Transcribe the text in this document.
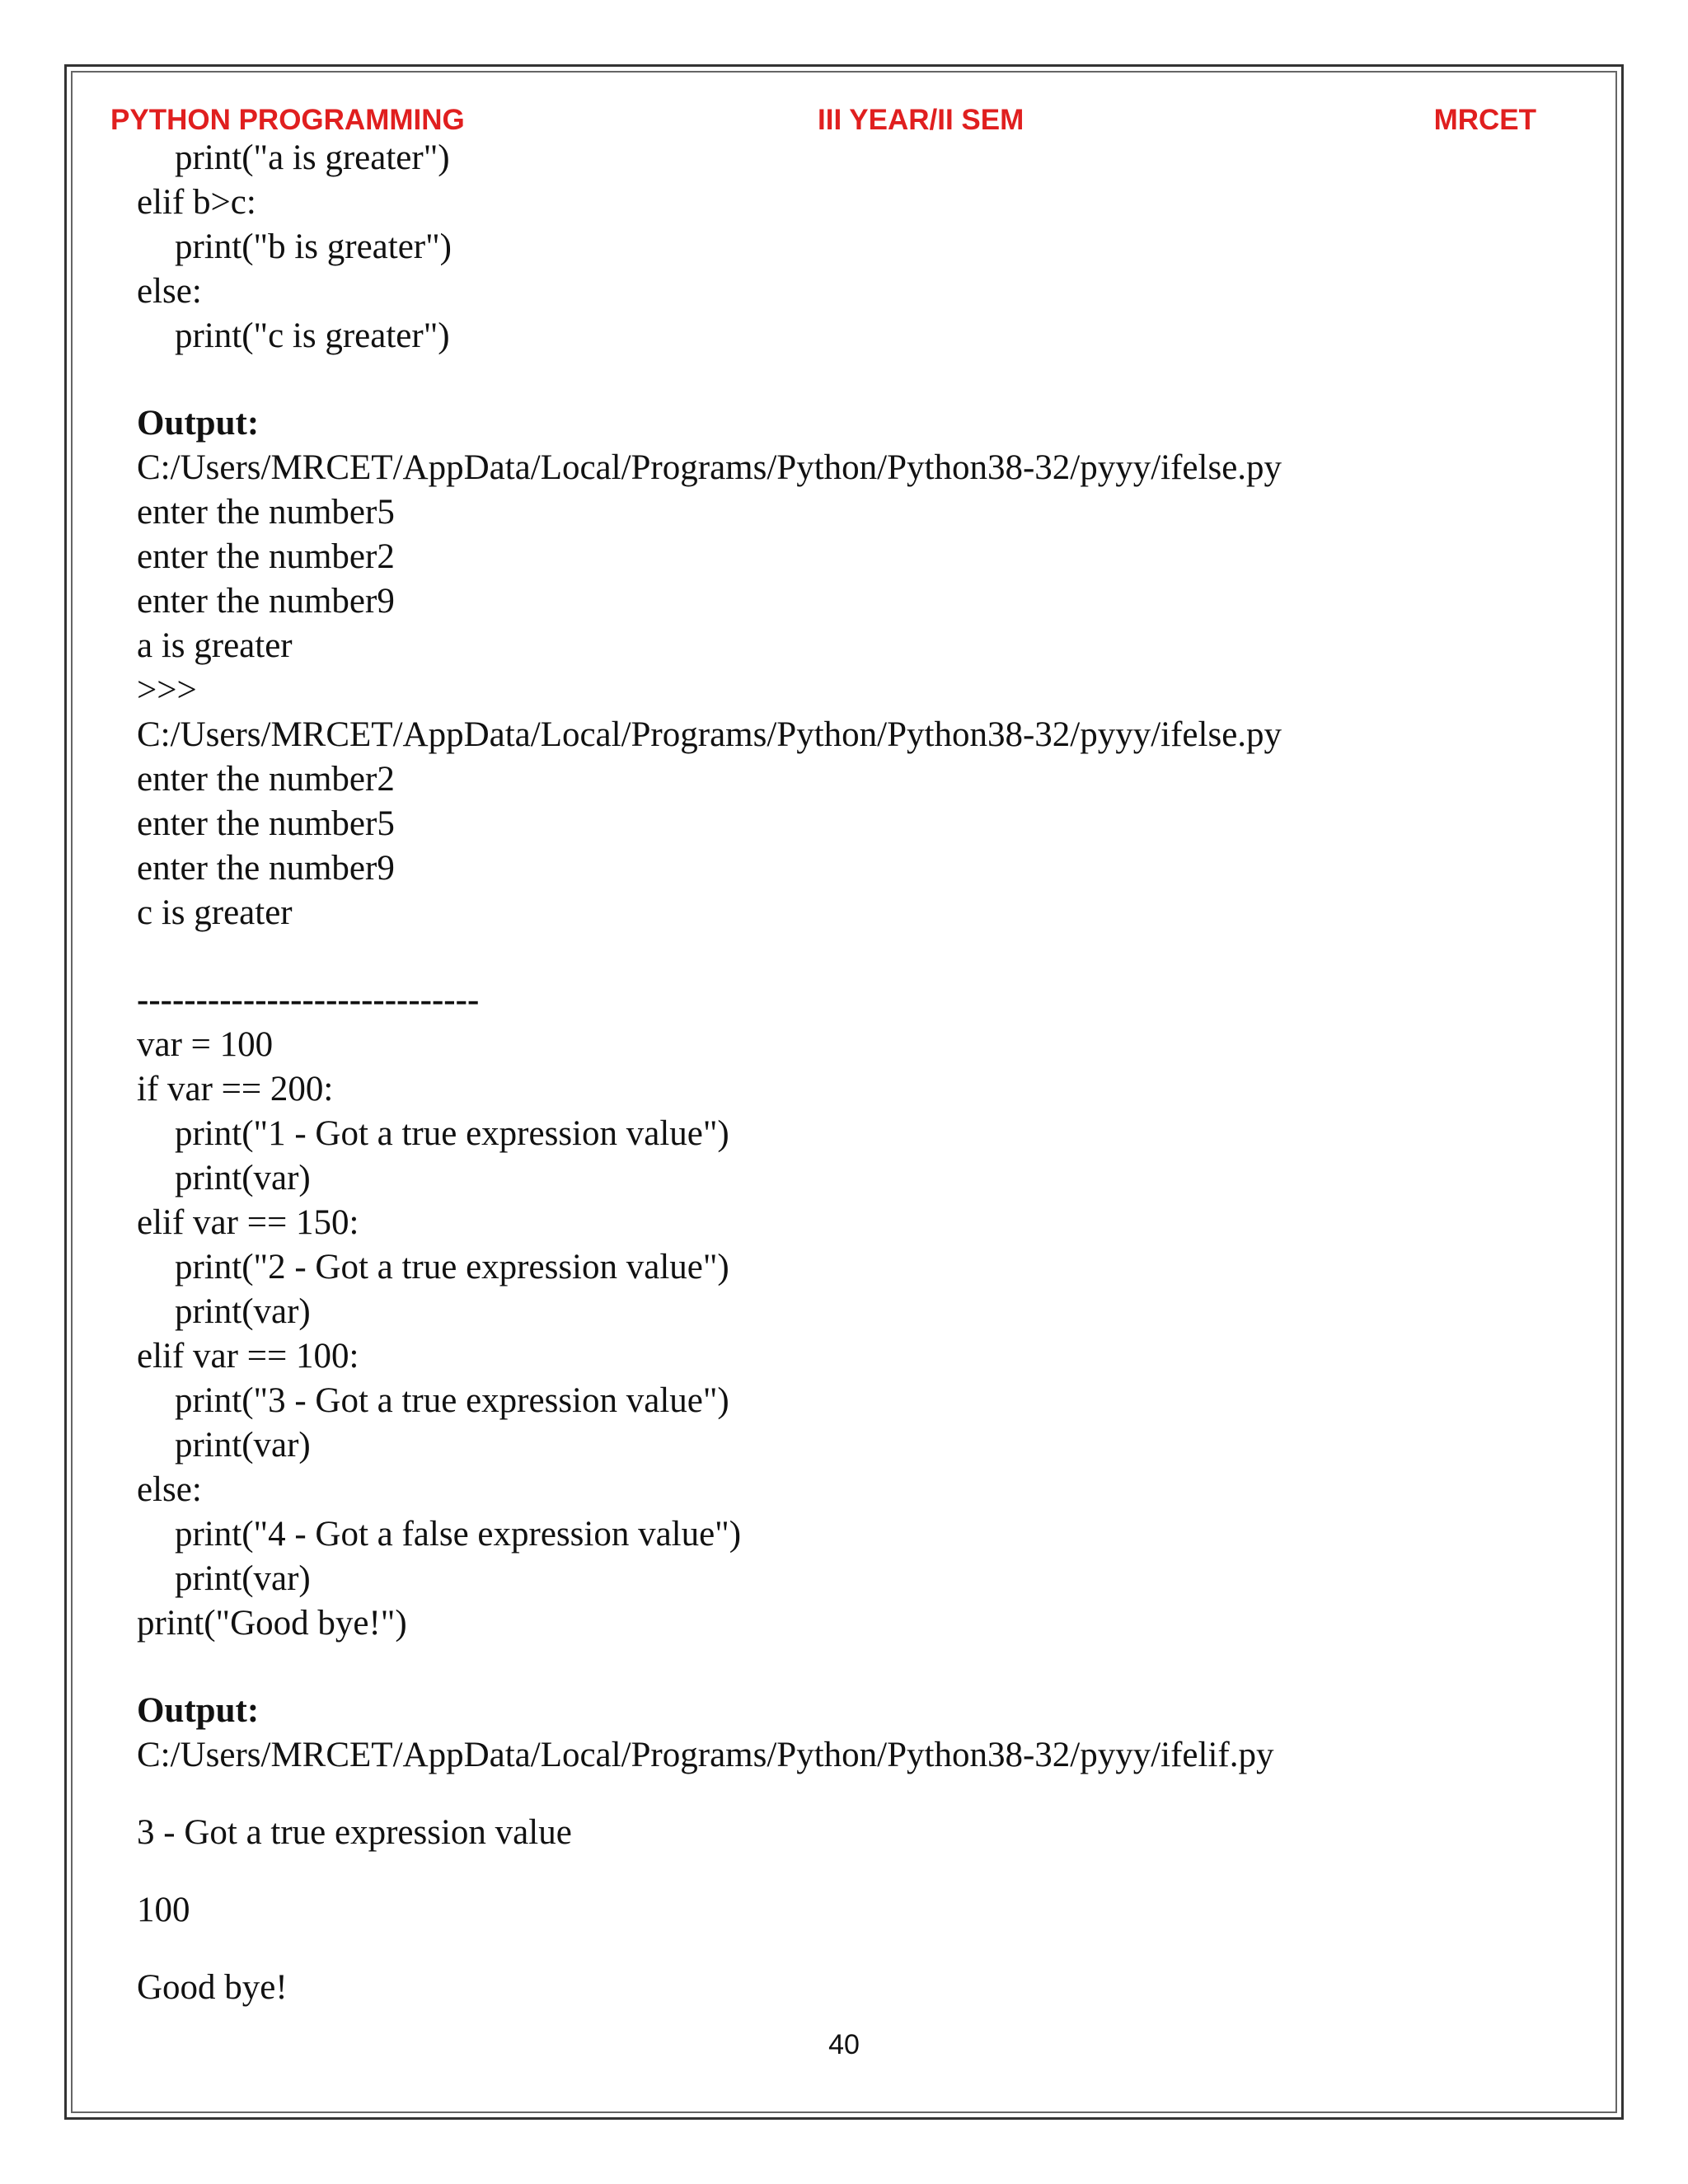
PYTHON PROGRAMMING	III YEAR/II SEM	MRCET
print("a is greater")
elif b>c:
print("b is greater")
else:
print("c is greater")
Output:
C:/Users/MRCET/AppData/Local/Programs/Python/Python38-32/pyyy/ifelse.py
enter the number5
enter the number2
enter the number9
a is greater
>>>
C:/Users/MRCET/AppData/Local/Programs/Python/Python38-32/pyyy/ifelse.py
enter the number2
enter the number5
enter the number9
c is greater
-----------------------------
var = 100
if var == 200:
print("1 - Got a true expression value")
print(var)
elif var == 150:
print("2 - Got a true expression value")
print(var)
elif var == 100:
print("3 - Got a true expression value")
print(var)
else:
print("4 - Got a false expression value")
print(var)
print("Good bye!")
Output:
C:/Users/MRCET/AppData/Local/Programs/Python/Python38-32/pyyy/ifelif.py
3 - Got a true expression value
100
Good bye!
40
